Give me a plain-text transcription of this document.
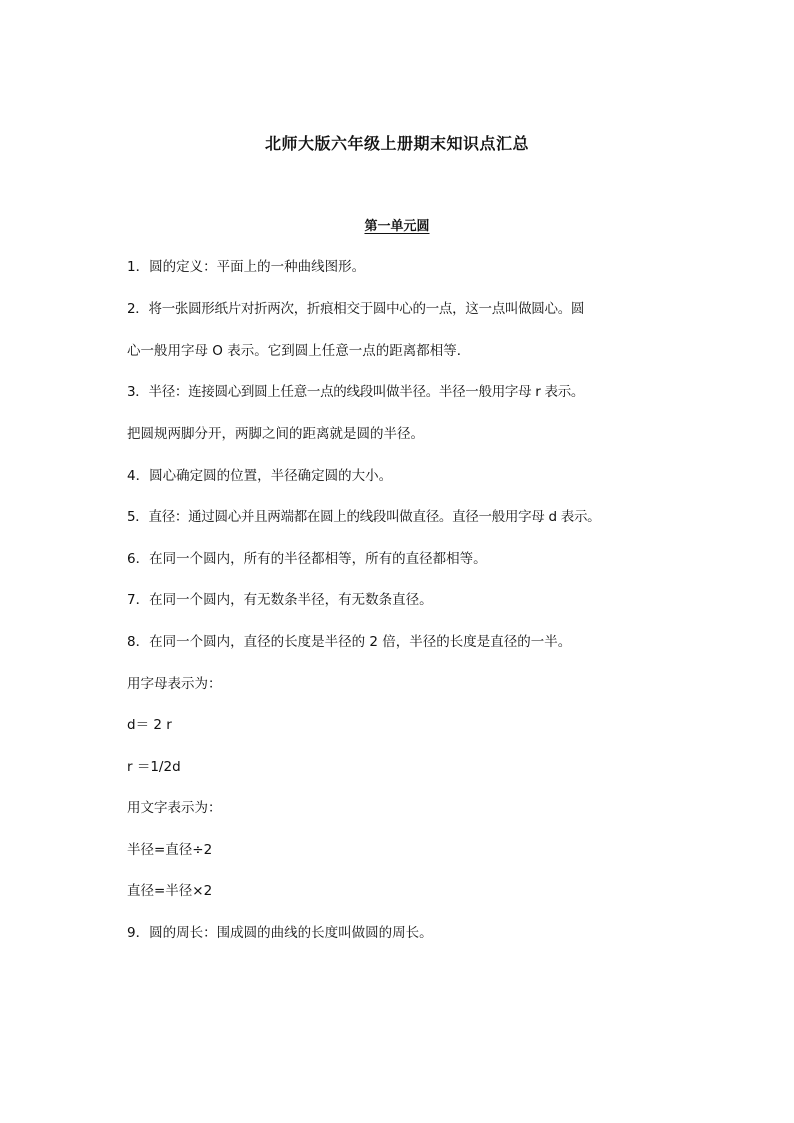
北师大版六年级上册期末知识点汇总
第一单元圆
1．圆的定义：平面上的一种曲线图形。
2．将一张圆形纸片对折两次，折痕相交于圆中心的一点，这一点叫做圆心。圆
心一般用字母 O 表示。它到圆上任意一点的距离都相等．
3．半径：连接圆心到圆上任意一点的线段叫做半径。半径一般用字母 r 表示。
把圆规两脚分开，两脚之间的距离就是圆的半径。
4．圆心确定圆的位置，半径确定圆的大小。
5．直径：通过圆心并且两端都在圆上的线段叫做直径。直径一般用字母 d 表示。
6．在同一个圆内，所有的半径都相等，所有的直径都相等。
7．在同一个圆内，有无数条半径，有无数条直径。
8．在同一个圆内，直径的长度是半径的 2 倍，半径的长度是直径的一半。
用字母表示为：
d＝ 2 r
r ＝1/2d
用文字表示为：
半径=直径÷2
直径=半径×2
9．圆的周长：围成圆的曲线的长度叫做圆的周长。
